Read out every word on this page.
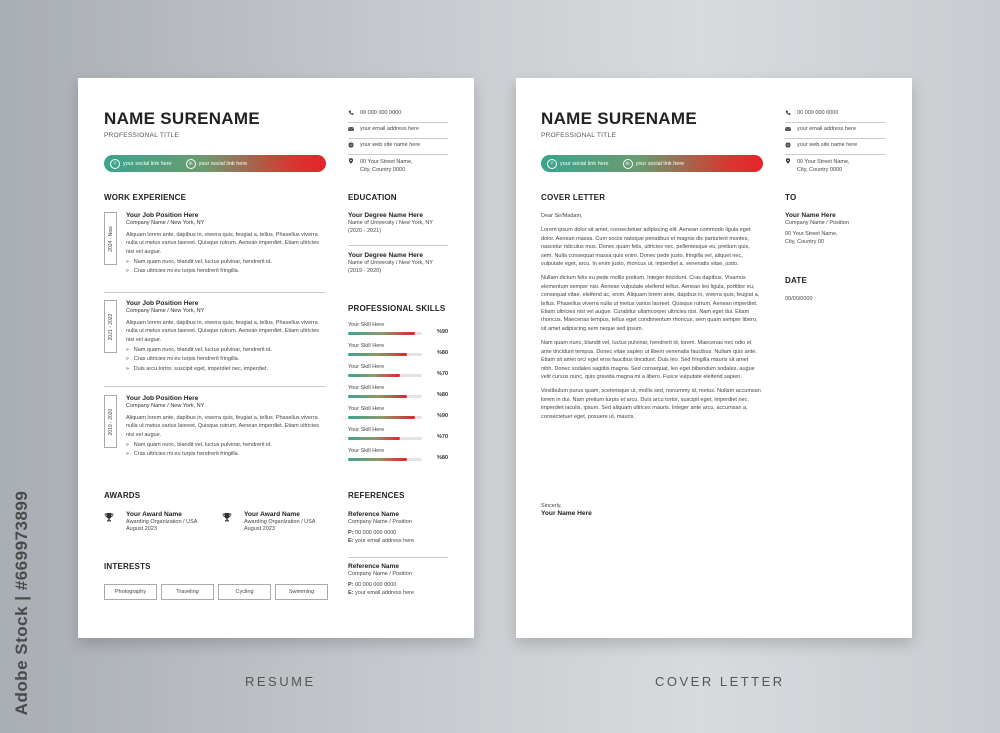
NAME SURENAME
PROFESSIONAL TITLE
f	your social link here	in	your social link here
00 000 000 0000
your email address here
your web site name here
00 Your Street Name,
City, Country 0000
WORK EXPERIENCE
2024 - Now
Your Job Position Here
Company Name / New York, NY
Aliquam lorem ante, dapibus in, viverra quis, feugiat a, tellus. Phasellus viverra nulla ut metus varius laoreet. Quisque rutrum. Aenean imperdiet. Etiam ultricies nisi vel augue.
» Nam quam nunc, blandit vel, luctus pulvinar, hendrerit id.
» Cras ultricies mi eu turpis hendrerit fringilla.
2021 - 2022
Your Job Position Here
Company Name / New York, NY
Aliquam lorem ante, dapibus in, viverra quis, feugiat a, tellus. Phasellus viverra nulla ut metus varius laoreet. Quisque rutrum. Aenean imperdiet. Etiam ultricies nisi vel augue.
» Nam quam nunc, blandit vel, luctus pulvinar, hendrerit id.
» Cras ultricies mi eu turpis hendrerit fringilla.
» Duis arcu tortor, suscipit eget, imperdiet nec, imperdiet.
2019 - 2020
Your Job Position Here
Company Name / New York, NY
Aliquam lorem ante, dapibus in, viverra quis, feugiat a, tellus. Phasellus viverra nulla ut metus varius laoreet. Quisque rutrum. Aenean imperdiet. Etiam ultricies nisi vel augue.
» Nam quam nunc, blandit vel, luctus pulvinar, hendrerit id.
» Cras ultricies mi eu turpis hendrerit fringilla.
EDUCATION
Your Degree Name Here
Name of University / New York, NY
(2020 - 2021)
Your Degree Name Here
Name of University / New York, NY
(2019 - 2020)
PROFESSIONAL SKILLS
Your Skill Here
%90
Your Skill Here
%80
Your Skill Here
%70
Your Skill Here
%80
Your Skill Here
%90
Your Skill Here
%70
Your Skill Here
%80
AWARDS
Your Award Name
Awarding Organization / USA
August 2023
Your Award Name
Awarding Organization / USA
August 2023
REFERENCES
Reference Name
Company Name / Position
P: 00 000 000 0000
E: your email address here
Reference Name
Company Name / Position
P: 00 000 000 0000
E: your email address here
INTERESTS
Photography	Traveling	Cycling	Swimming
NAME SURENAME
PROFESSIONAL TITLE
f	your social link here	in	your social link here
00 000 000 0000
your email address here
your web site name here
00 Your Street Name,
City, Country 0000
COVER LETTER
Dear Sir/Madam,
Lorem ipsum dolor sit amet, consectetuer adipiscing elit. Aenean commodo ligula eget dolor. Aenean massa. Cum sociis natoque penatibus et magnis dis parturient montes, nascetur ridiculus mus. Donec quam felis, ultricies nec, pellentesque eu, pretium quis, sem. Nulla consequat massa quis enim. Donec pede justo, fringilla vel, aliquet nec, vulputate eget, arcu. In enim justo, rhoncus ut, imperdiet a, venenatis vitae, justo.
Nullam dictum felis eu pede mollis pretium. Integer tincidunt. Cras dapibus. Vivamus elementum semper nisi. Aenean vulputate eleifend tellus. Aenean leo ligula, porttitor eu, consequat vitae, eleifend ac, enim. Aliquam lorem ante, dapibus in, viverra quis, feugiat a, tellus. Phasellus viverra nulla ut metus varius laoreet. Quisque rutrum. Aenean imperdiet. Etiam ultricies nisi vel augue. Curabitur ullamcorper ultricies nisi. Nam eget dui. Etiam rhoncus. Maecenas tempus, tellus eget condimentum rhoncus, sem quam semper libero, sit amet adipiscing sem neque sed ipsum.
Nam quam nunc, blandit vel, luctus pulvinar, hendrerit id, lorem. Maecenas nec odio et ante tincidunt tempus. Donec vitae sapien ut libero venenatis faucibus. Nullam quis ante. Etiam sit amet orci eget eros faucibus tincidunt. Duis leo. Sed fringilla mauris sit amet nibh. Donec sodales sagittis magna. Sed consequat, leo eget bibendum sodales, augue velit cursus nunc, quis gravida magna mi a libero. Fusce vulputate eleifend sapien.
Vestibulum purus quam, scelerisque ut, mollis sed, nonummy id, metus. Nullam accumsan lorem in dui. Nam pretium turpis et arcu. Duis arcu tortor, suscipit eget, imperdiet nec, imperdiet iaculis, ipsum. Sed aliquam ultrices mauris. Integer ante arcu, accumsan a, consectetuer eget, posuere ut, mauris.
Sincerly,
Your Name Here
TO
Your Name Here
Company Name / Position
00 Your Street Name,
City, Country 00
DATE
00/00/0000
RESUME	COVER LETTER
Adobe Stock | #669973899
